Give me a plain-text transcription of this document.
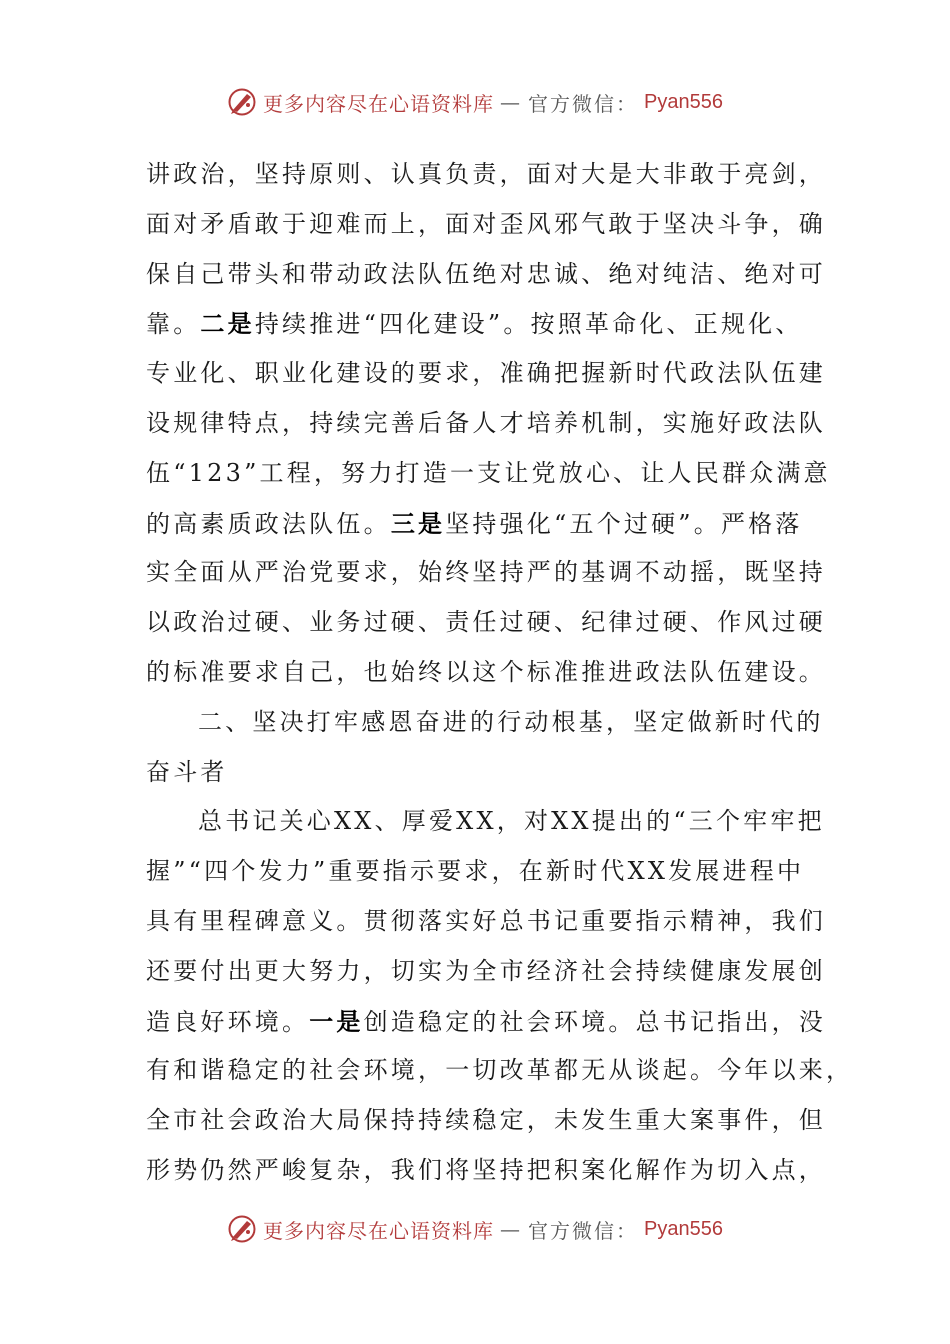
更多内容尽在心语资料库 — 官方微信： Pyan556
讲政治，坚持原则、认真负责，面对大是大非敢于亮剑，
面对矛盾敢于迎难而上，面对歪风邪气敢于坚决斗争，确
保自己带头和带动政法队伍绝对忠诚、绝对纯洁、绝对可
靠。二是持续推进“四化建设”。按照革命化、正规化、
专业化、职业化建设的要求，准确把握新时代政法队伍建
设规律特点，持续完善后备人才培养机制，实施好政法队
伍“123”工程，努力打造一支让党放心、让人民群众满意
的高素质政法队伍。三是坚持强化“五个过硬”。严格落
实全面从严治党要求，始终坚持严的基调不动摇，既坚持
以政治过硬、业务过硬、责任过硬、纪律过硬、作风过硬
的标准要求自己，也始终以这个标准推进政法队伍建设。
二、坚决打牢感恩奋进的行动根基，坚定做新时代的
奋斗者
总书记关心XX、厚爱XX，对XX提出的“三个牢牢把
握”“四个发力”重要指示要求，在新时代XX发展进程中
具有里程碑意义。贯彻落实好总书记重要指示精神，我们
还要付出更大努力，切实为全市经济社会持续健康发展创
造良好环境。一是创造稳定的社会环境。总书记指出，没
有和谐稳定的社会环境，一切改革都无从谈起。今年以来，
全市社会政治大局保持持续稳定，未发生重大案事件，但
形势仍然严峻复杂，我们将坚持把积案化解作为切入点，
更多内容尽在心语资料库 — 官方微信： Pyan556
